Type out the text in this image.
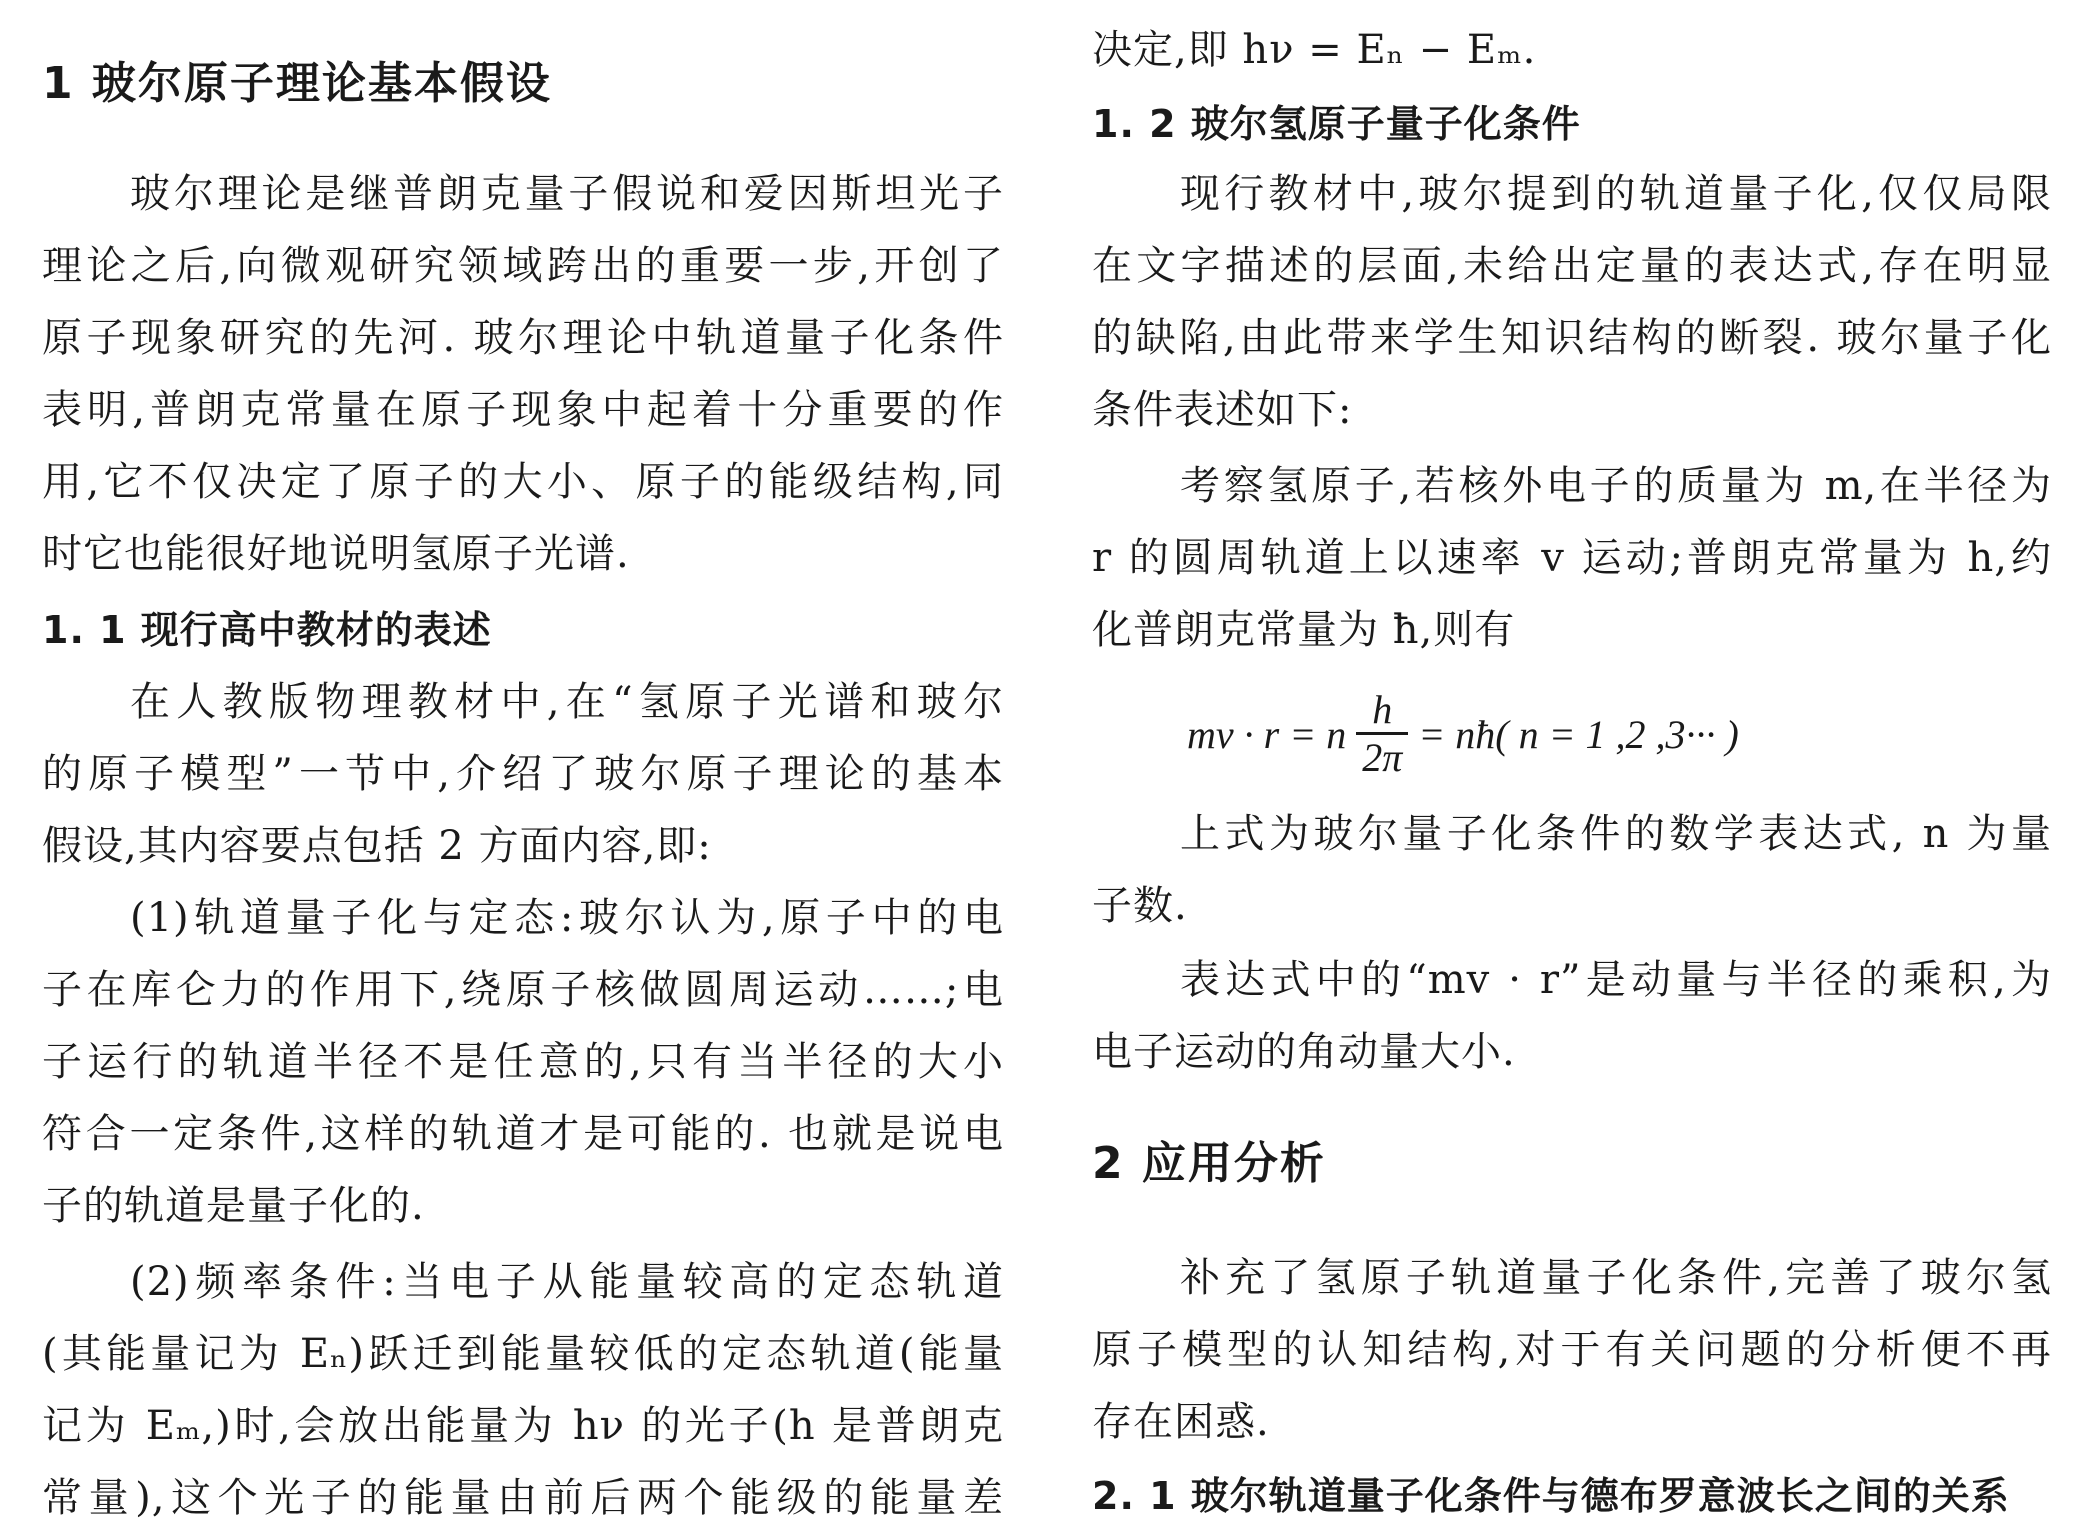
1 玻尔原子理论基本假设
玻尔理论是继普朗克量子假说和爱因斯坦光子
理论之后,向微观研究领域跨出的重要一步,开创了
原子现象研究的先河. 玻尔理论中轨道量子化条件
表明,普朗克常量在原子现象中起着十分重要的作
用,它不仅决定了原子的大小、原子的能级结构,同
时它也能很好地说明氢原子光谱.
1. 1 现行高中教材的表述
在人教版物理教材中,在“氢原子光谱和玻尔
的原子模型”一节中,介绍了玻尔原子理论的基本
假设,其内容要点包括 2 方面内容,即:
(1)轨道量子化与定态:玻尔认为,原子中的电
子在库仑力的作用下,绕原子核做圆周运动……;电
子运行的轨道半径不是任意的,只有当半径的大小
符合一定条件,这样的轨道才是可能的. 也就是说电
子的轨道是量子化的.
(2)频率条件:当电子从能量较高的定态轨道
(其能量记为 Eₙ)跃迁到能量较低的定态轨道(能量
记为 Eₘ,)时,会放出能量为 hν 的光子(h 是普朗克
常量),这个光子的能量由前后两个能级的能量差
决定,即 hν = Eₙ − Eₘ.
1. 2 玻尔氢原子量子化条件
现行教材中,玻尔提到的轨道量子化,仅仅局限
在文字描述的层面,未给出定量的表达式,存在明显
的缺陷,由此带来学生知识结构的断裂. 玻尔量子化
条件表述如下:
考察氢原子,若核外电子的质量为 m,在半径为
r 的圆周轨道上以速率 v 运动;普朗克常量为 h,约
化普朗克常量为 ħ,则有
mv · r = n $\frac{h}{2\pi}$ = nħ( n = 1 ,2 ,3··· )
上式为玻尔量子化条件的数学表达式, n 为量
子数.
表达式中的“mv · r”是动量与半径的乘积,为
电子运动的角动量大小.
2 应用分析
补充了氢原子轨道量子化条件,完善了玻尔氢
原子模型的认知结构,对于有关问题的分析便不再
存在困惑.
2. 1 玻尔轨道量子化条件与德布罗意波长之间的关系
